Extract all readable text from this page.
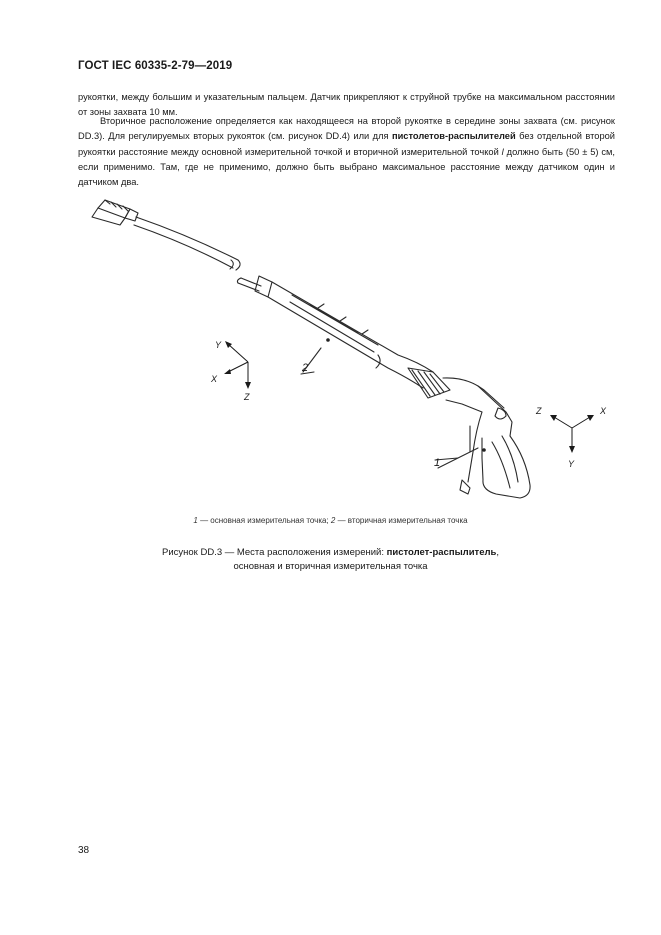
ГОСТ IEC 60335-2-79—2019
рукоятки, между большим и указательным пальцем. Датчик прикрепляют к струйной трубке на максимальном расстоянии от зоны захвата 10 мм.
Вторичное расположение определяется как находящееся на второй рукоятке в середине зоны захвата (см. рисунок DD.3). Для регулируемых вторых рукояток (см. рисунок DD.4) или для пистолетов-распылителей без отдельной второй рукоятки расстояние между основной измерительной точкой и вторичной измерительной точкой l должно быть (50 ± 5) см, если применимо. Там, где не применимо, должно быть выбрано максимальное расстояние между датчиком один и датчиком два.
2
1
Y
X
Z
Z	X
Y
1 — основная измерительная точка; 2 — вторичная измерительная точка
Рисунок DD.3 — Места расположения измерений: пистолет-распылитель,
основная и вторичная измерительная точка
38
